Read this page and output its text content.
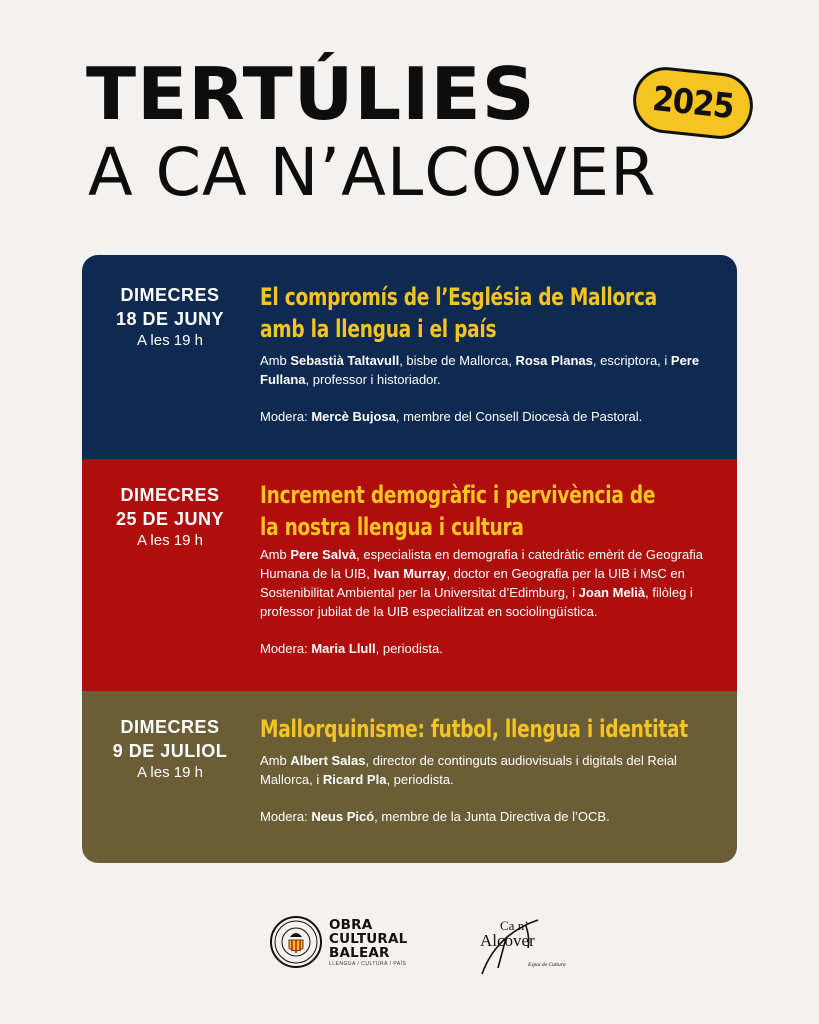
TERTÚLIES
A CA N’ALCOVER
2025
DIMECRES
18 DE JUNY
A les 19 h
El compromís de l’Església de Mallorca
amb la llengua i el país
Amb Sebastià Taltavull, bisbe de Mallorca, Rosa Planas, escriptora, i Pere Fullana, professor i historiador.
Modera: Mercè Bujosa, membre del Consell Diocesà de Pastoral.
DIMECRES
25 DE JUNY
A les 19 h
Increment demogràfic i pervivència de
la nostra llengua i cultura
Amb Pere Salvà, especialista en demografia i catedràtic emèrit de Geografia Humana de la UIB, Ivan Murray, doctor en Geografia per la UIB i MsC en Sostenibilitat Ambiental per la Universitat d’Edimburg, i Joan Melià, filòleg i professor jubilat de la UIB especialitzat en sociolingüística.
Modera: Maria Llull, periodista.
DIMECRES
9 DE JULIOL
A les 19 h
Mallorquinisme: futbol, llengua i identitat
Amb Albert Salas, director de continguts audiovisuals i digitals del Reial Mallorca, i Ricard Pla, periodista.
Modera: Neus Picó, membre de la Junta Directiva de l’OCB.
OBRA
CULTURAL
BALEAR
LLENGUA / CULTURA / PAÍS
Ca n’
Alcover
Espai de Cultura
